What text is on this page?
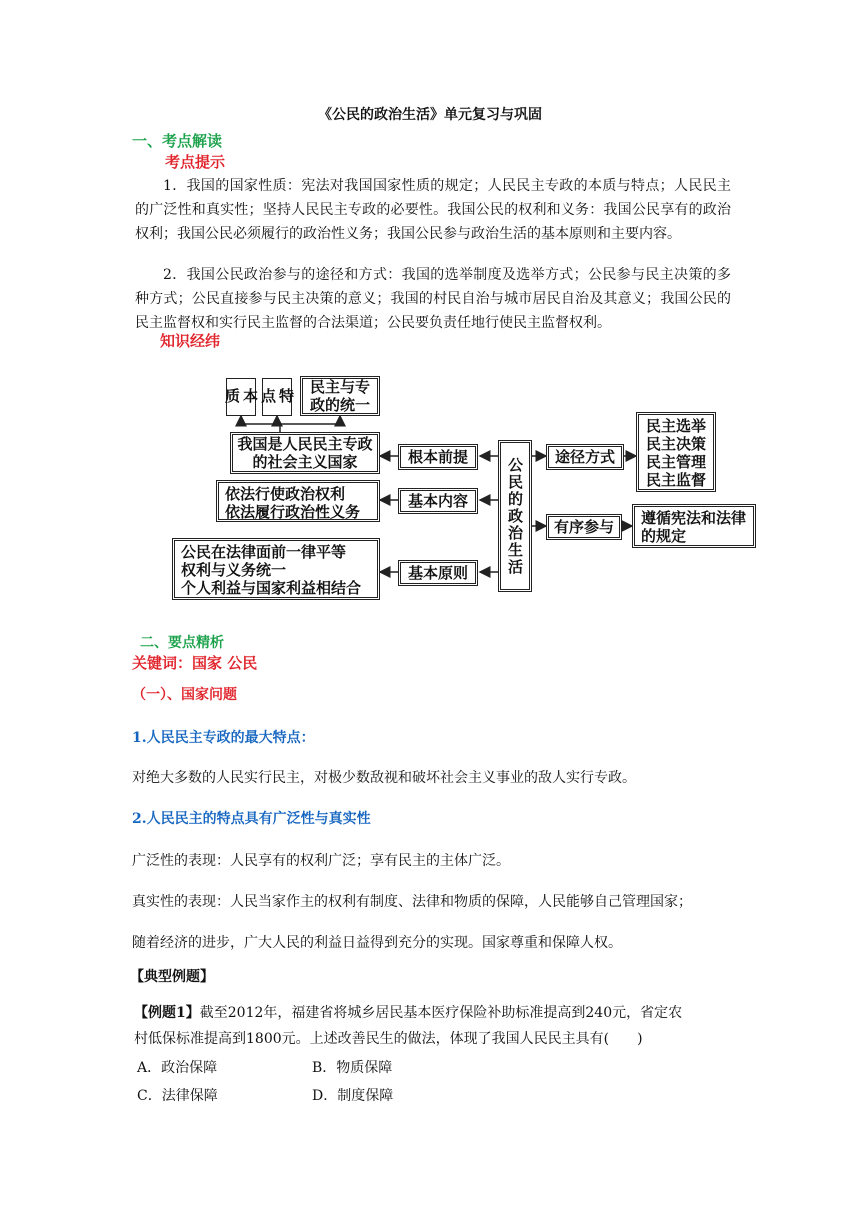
《公民的政治生活》单元复习与巩固
一、考点解读
考点提示
1．我国的国家性质：宪法对我国国家性质的规定；人民民主专政的本质与特点；人民民主的广泛性和真实性；坚持人民民主专政的必要性。我国公民的权利和义务：我国公民享有的政治权利；我国公民必须履行的政治性义务；我国公民参与政治生活的基本原则和主要内容。
2．我国公民政治参与的途径和方式：我国的选举制度及选举方式；公民参与民主决策的多种方式；公民直接参与民主决策的意义；我国的村民自治与城市居民自治及其意义；我国公民的民主监督权和实行民主监督的合法渠道；公民要负责任地行使民主监督权利。
知识经纬
本质	特点
民主与专政的统一
我国是人民民主专政的社会主义国家	根本前提
基本内容
基本原则	公民的政治生活
依法行使政治权利
依法履行政治性义务
公民在法律面前一律平等
权利与义务统一
个人利益与国家利益相结合
途径方式
民主选举
民主决策
民主管理
民主监督
有序参与	遵循宪法和法律的规定
二、要点精析
关键词：国家 公民
（一）、国家问题
1.人民民主专政的最大特点：
对绝大多数的人民实行民主，对极少数敌视和破坏社会主义事业的敌人实行专政。
2.人民民主的特点具有广泛性与真实性
广泛性的表现：人民享有的权利广泛；享有民主的主体广泛。
真实性的表现：人民当家作主的权利有制度、法律和物质的保障，人民能够自己管理国家；
随着经济的进步，广大人民的利益日益得到充分的实现。国家尊重和保障人权。
【典型例题】
【例题1】截至2012年，福建省将城乡居民基本医疗保险补助标准提高到240元，省定农
村低保标准提高到1800元。上述改善民生的做法，体现了我国人民民主具有(　　)
A．政治保障	B．物质保障
C．法律保障	D．制度保障
